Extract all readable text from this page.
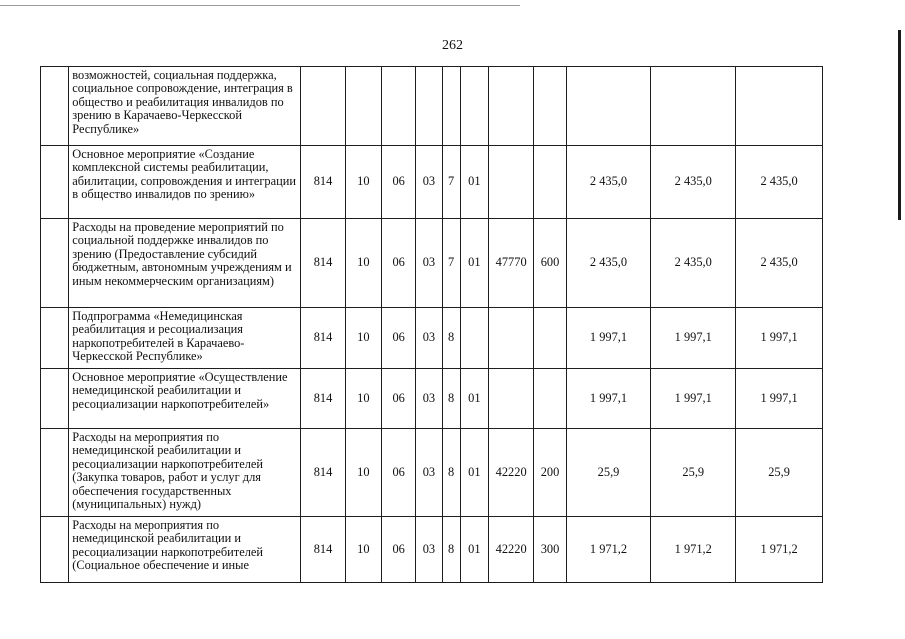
262
	возможностей, социальная поддержка, социальное сопровождение, интеграция в общество и реабилитация инвалидов по зрению в Карачаево-Черкесской Республике»											
	Основное мероприятие «Создание комплексной системы реабилитации, абилитации, сопровождения и интеграции в общество инвалидов по зрению»	814	10	06	03	7	01			2 435,0	2 435,0	2 435,0
	Расходы на проведение мероприятий по социальной поддержке инвалидов по зрению (Предоставление субсидий бюджетным, автономным учреждениям и иным некоммерческим организациям)	814	10	06	03	7	01	47770	600	2 435,0	2 435,0	2 435,0
	Подпрограмма «Немедицинская реабилитация и ресоциализация наркопотребителей в Карачаево-Черкесской Республике»	814	10	06	03	8				1 997,1	1 997,1	1 997,1
	Основное мероприятие «Осуществление немедицинской реабилитации и ресоциализации наркопотребителей»	814	10	06	03	8	01			1 997,1	1 997,1	1 997,1
	Расходы на мероприятия по немедицинской реабилитации и ресоциализации наркопотребителей (Закупка товаров, работ и услуг для обеспечения государственных (муниципальных) нужд)	814	10	06	03	8	01	42220	200	25,9	25,9	25,9
	Расходы на мероприятия по немедицинской реабилитации и ресоциализации наркопотребителей (Социальное обеспечение и иные	814	10	06	03	8	01	42220	300	1 971,2	1 971,2	1 971,2
